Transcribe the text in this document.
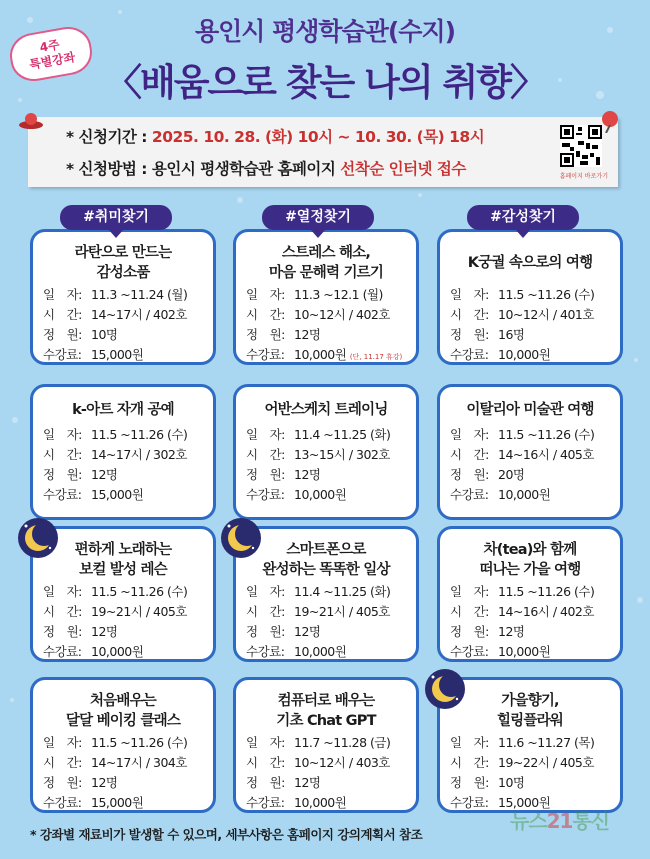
4주
특별강좌
용인시 평생학습관(수지)
〈배움으로 찾는 나의 취향〉
* 신청기간 : 2025. 10. 28. (화) 10시 ~ 10. 30. (목) 18시
* 신청방법 : 용인시 평생학습관 홈페이지 선착순 인터넷 접수	홈페이지 바로가기
#취미찾기	#열정찾기	#감성찾기
라탄으로 만드는
감성소품
일　자: 11.3 ~11.24 (월)
시　간: 14~17시 / 402호
정　원: 10명
수강료: 15,000원
스트레스 해소,
마음 문해력 기르기
일　자: 11.3 ~12.1 (월)
시　간: 10~12시 / 402호
정　원: 12명
수강료: 10,000원 (단, 11.17 휴강)
K궁궐 속으로의 여행
일　자: 11.5 ~11.26 (수)
시　간: 10~12시 / 401호
정　원: 16명
수강료: 10,000원
k-아트 자개 공예
일　자: 11.5 ~11.26 (수)
시　간: 14~17시 / 302호
정　원: 12명
수강료: 15,000원
어반스케치 트레이닝
일　자: 11.4 ~11.25 (화)
시　간: 13~15시 / 302호
정　원: 12명
수강료: 10,000원
이탈리아 미술관 여행
일　자: 11.5 ~11.26 (수)
시　간: 14~16시 / 405호
정　원: 20명
수강료: 10,000원
편하게 노래하는
보컬 발성 레슨
일　자: 11.5 ~11.26 (수)
시　간: 19~21시 / 405호
정　원: 12명
수강료: 10,000원
스마트폰으로
완성하는 똑똑한 일상
일　자: 11.4 ~11.25 (화)
시　간: 19~21시 / 405호
정　원: 12명
수강료: 10,000원
차(tea)와 함께
떠나는 가을 여행
일　자: 11.5 ~11.26 (수)
시　간: 14~16시 / 402호
정　원: 12명
수강료: 10,000원
처음배우는
달달 베이킹 클래스
일　자: 11.5 ~11.26 (수)
시　간: 14~17시 / 304호
정　원: 12명
수강료: 15,000원
컴퓨터로 배우는
기초 Chat GPT
일　자: 11.7 ~11.28 (금)
시　간: 10~12시 / 403호
정　원: 12명
수강료: 10,000원
가을향기,
힐링플라워
일　자: 11.6 ~11.27 (목)
시　간: 19~22시 / 405호
정　원: 10명
수강료: 15,000원
* 강좌별 재료비가 발생할 수 있으며, 세부사항은 홈페이지 강의계획서 참조
뉴스21통신
